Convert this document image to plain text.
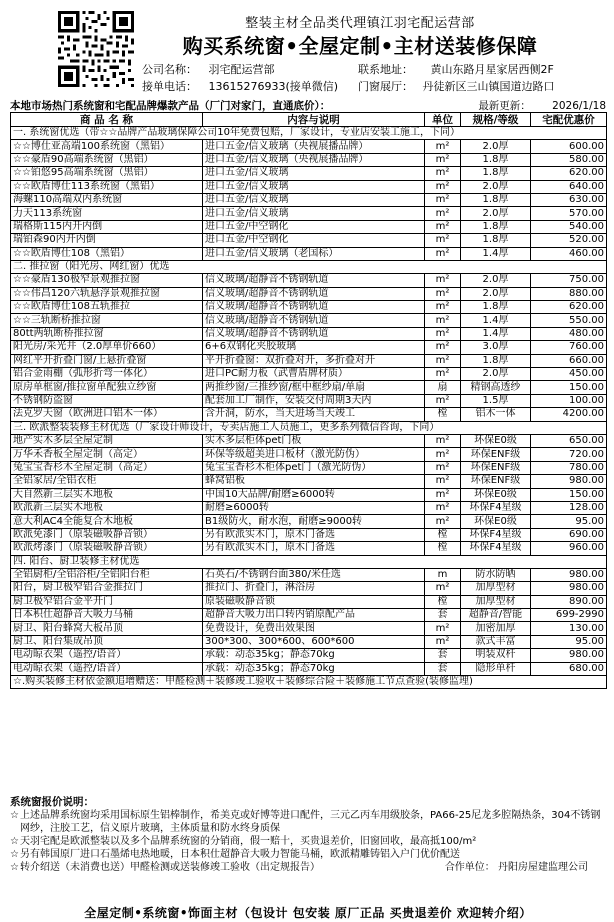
整装主材全品类代理镇江羽宅配运营部
购买系统窗•全屋定制•主材送装修保障
公司名称： 羽宅配运营部
接单电话： 13615276933(接单微信)
联系地址： 黄山东路月星家居西侧2F
门窗展厅： 丹徒新区三山镇国道边路口
本地市场热门系统窗和宅配品牌爆款产品（厂门对家门，直通底价）：	最新更新： 2026/1/18
商 品 名 称	内容与说明	单位	规格/等级	宅配优惠价
一. 系统窗优选（带☆☆品牌产品玻璃保障公司10年免费包赔，厂家设计，专业店安装工施工，下同）				
☆☆博仕亚高端100系统窗（黑铝）	进口五金/信义玻璃（央视展播品牌）	m²	2.0厚	600.00
☆☆豪盾90高端系统窗（黑铝）	进口五金/信义玻璃（央视展播品牌）	m²	1.8厚	580.00
☆☆铂悠95高端系统窗（黑铝）	进口五金/信义玻璃	m²	1.8厚	620.00
☆☆欧盾博仕113系统窗（黑铝）	进口五金/信义玻璃	m²	2.0厚	640.00
海螺110高端双内系统窗	进口五金/信义玻璃	m²	1.8厚	630.00
力天113系统窗	进口五金/信义玻璃	m²	2.0厚	570.00
瑞格斯115内开内倒	进口五金/中空钢化	m²	1.8厚	540.00
瑞铂森90内开内倒	进口五金/中空钢化	m²	1.8厚	520.00
☆☆欧盾博仕108（黑铝）	进口五金/信义玻璃（老国标）	m²	1.4厚	460.00
二. 推拉窗（阳光房、网红窗）优选				
☆☆豪盾130极窄景观推拉窗	信义玻璃/超静音不锈钢轨道	m²	2.0厚	750.00
☆☆伟昌120六轨悬浮景观推拉窗	信义玻璃/超静音不锈钢轨道	m²	2.0厚	880.00
☆☆欧盾博仕108五轨推拉	信义玻璃/超静音不锈钢轨道	m²	1.8厚	620.00
☆☆三轨断桥推拉窗	信义玻璃/超静音不锈钢轨道	m²	1.4厚	550.00
80tt两轨断桥推拉窗	信义玻璃/超静音不锈钢轨道	m²	1.4厚	480.00
阳光房/采光井（2.0厚单价660）	6+6双钢化夹胶玻璃	m²	3.0厚	760.00
网红平开折叠门窗/上悬折叠窗	平开折叠窗：双折叠对开，多折叠对开	m²	1.8厚	660.00
铝合金雨棚（弧形折弯一体化）	进口PC耐力板（武曹盾牌材质）	m²	2.0厚	450.00
原房单框窗/推拉窗单配独立纱窗	两推纱窗/三推纱窗/框中框纱扇/单扇	扇	精钢高透纱	150.00
不锈钢防盗窗	配套加工厂制作，安装交付周期3天内	m²	1.5厚	100.00
法克罗天窗（欧洲进口铝木一体）	含开洞，防水，当天进场当天竣工	樘	铝木一体	4200.00
三. 欧派整装装修主材优选（厂家设计师设计，专卖店施工人员施工，更多系列微信咨询，下同）				
地产实木多层全屋定制	实木多层柜体pet门板	m²	环保E0级	650.00
万华禾香板全屋定制（高定）	环保等级超美进口板材（激光防伪）	m²	环保ENF级	720.00
兔宝宝香杉木全屋定制（高定）	兔宝宝香杉木柜体pet门（激光防伪）	m²	环保ENF级	780.00
全铝家居/全铝衣柜	蜂窝铝板	m²	环保ENF级	980.00
大自然新三层实木地板	中国10大品牌/耐磨≥6000转	m²	环保E0级	150.00
欧派新三层实木地板	耐磨≥6000转	m²	环保F4星级	128.00
意大利AC4全能复合木地板	B1级防火，耐水泡，耐磨≥9000转	m²	环保E0级	95.00
欧派免漆门（原装磁吸静音锁）	另有欧派实木门，原木门备选	樘	环保F4星级	690.00
欧派烤漆门（原装磁吸静音锁）	另有欧派实木门，原木门备选	樘	环保F4星级	960.00
四. 阳台、厨卫装修主材优选				
全铝厨柜/全铝浴柜/全铝阳台柜	石英石/不锈钢台面380/米任选	m	防水防晒	980.00
阳台，厨卫极窄铝合金推拉门	推拉门、折叠门，淋浴房	m²	加厚型材	980.00
厨卫极窄铝合金平开门	原装磁吸静音锁	樘	加厚型材	890.00
日本积仕超静音大吸力马桶	超静音大吸力出口转内销原配产品	套	超静音/智能	699-2990
厨卫、阳台蜂窝大板吊顶	免费设计，免费出效果图	m²	加密加厚	130.00
厨卫、阳台集成吊顶	300*300、300*600、600*600	m²	款式丰富	95.00
电动晾衣架（遥控/语音）	承载：动态35kg；静态70kg	套	明装双杆	980.00
电动晾衣架（遥控/语音）	承载：动态35kg；静态70kg	套	隐形单杆	680.00
☆.购买装修主材依金额追增赠送：甲醛检测＋装修竣工验收＋装修综合险＋装修施工节点查验(装修监理)				
系统窗报价说明：

☆ 上述品牌系统窗均采用国标原生铝棒制作，希美克或好博等进口配件，三元乙丙车用级胶条，PA66-25尼龙多腔隔热条，304不锈钢网纱，注胶工艺，信义原片玻璃，主体质量和防水终身质保

☆ 天羽宅配是欧派整装以及多个品牌系统窗的分销商，假一赔十，买贵退差价，旧窗回收，最高抵100/m²

☆ 另有韩国原厂进口石墨烯电热地暖，日本积仕超静音大吸力智能马桶，欧派精雕铸铝入户门优价配送

☆ 转介绍送（未消费也送）甲醛检测或送装修竣工验收（出定规报告）	合作单位： 丹阳房屋建监理公司

全屋定制•系统窗•饰面主材（包设计 包安装 原厂正品 买贵退差价 欢迎转介绍）
